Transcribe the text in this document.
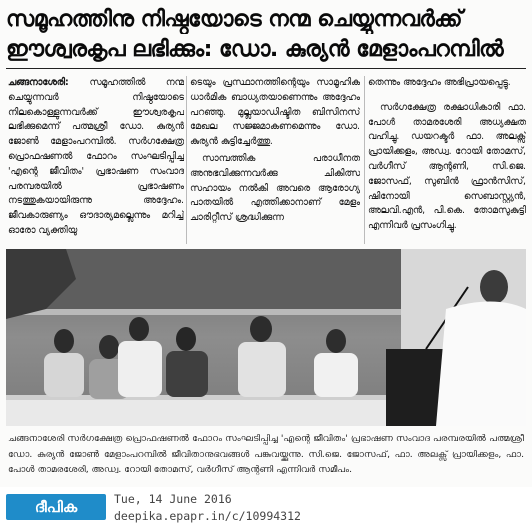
സമൂഹത്തിനു നിഷ്ഠയോടെ നന്മ ചെയ്യുന്നവർക്ക്
ഈശ്വരകൃപ ലഭിക്കും: ഡോ. കുര്യൻ മേളാംപറമ്പിൽ

ചങ്ങനാശേരി: സമൂഹത്തിൽ നന്മ ചെയ്യുന്നവർ നിഷ്ഠയോടെ നിലകൊള്ളുന്നവർക്ക് ഈശ്വരകൃപ ലഭിക്കുമെന്ന് പത്മശ്രീ ഡോ. കുര്യൻ ജോൺ മേളാംപറമ്പിൽ. സർഗക്ഷേത്ര പ്രൊഫഷണൽ ഫോറം സംഘടിപ്പിച്ച 'എന്റെ ജീവിതം' പ്രഭാഷണ സംവാദ പരമ്പരയിൽ പ്രഭാഷണം നടത്തുകയായിരുന്നു അദ്ദേഹം. ജീവകാരുണ്യം ഔദാര്യമല്ലെന്നും മറിച്ച് ഓരോ വ്യക്തിയു

ടെയും പ്രസ്ഥാനത്തിന്റെയും സാമൂഹിക ധാർമിക ബാധ്യതയാണെന്നും അദ്ദേഹം പറഞ്ഞു. മുല്ലയാഡിഷ്ടിത ബിസിനസ് മേഖല സജ്ജമാകണമെന്നും ഡോ. കുര്യൻ കുട്ടിച്ചേർത്തു.

സാമ്പത്തിക പരാധീനത അനുഭവിക്കുന്നവർക്കു ചികിത്സ സഹായം നൽകി അവരെ ആരോഗ്യ പാതയിൽ എത്തിക്കാനാണ് മേളം ചാരിറ്റീസ് ശ്രദ്ധിക്കുന്ന

തെന്നും അദ്ദേഹം അഭിപ്രായപ്പെട്ടു.

സർഗക്ഷേത്ര രക്ഷാധികാരി ഫാ. പോൾ താമരശേരി അധ്യക്ഷത വഹിച്ചു. ഡയറക്ടർ ഫാ. അലക്സ് പ്രായിക്കളം, അഡ്വ. റോയി തോമസ്, വർഗീസ് ആന്റണി, സി.ജെ. ജോസഫ്, സുബിൻ ഫ്രാൻസിസ്, ഷിനോയി സെബാസ്റ്റ്യൻ, അലവി.എൻ, പി.കെ. തോമസുകുട്ടി എന്നിവർ പ്രസംഗിച്ചു.

ചങ്ങനാശേരി സർഗക്ഷേത്ര പ്രൊഫഷണൽ ഫോറം സംഘടിപ്പിച്ച 'എന്റെ ജീവിതം' പ്രഭാഷണ സംവാദ പരമ്പരയിൽ പത്മശ്രീ ഡോ. കുര്യൻ ജോൺ മേളാംപറമ്പിൽ ജീവിതാനുഭവങ്ങൾ പങ്കുവയ്ക്കുന്നു. സി.ജെ. ജോസഫ്, ഫാ. അലക്സ് പ്രായിക്കളം, ഫാ. പോൾ താമരശേരി, അഡ്വ. റോയി തോമസ്, വർഗീസ് ആന്റണി എന്നിവർ സമീപം.
ദീപിക	Tue, 14 June 2016
deepika.epapr.in/c/10994312
